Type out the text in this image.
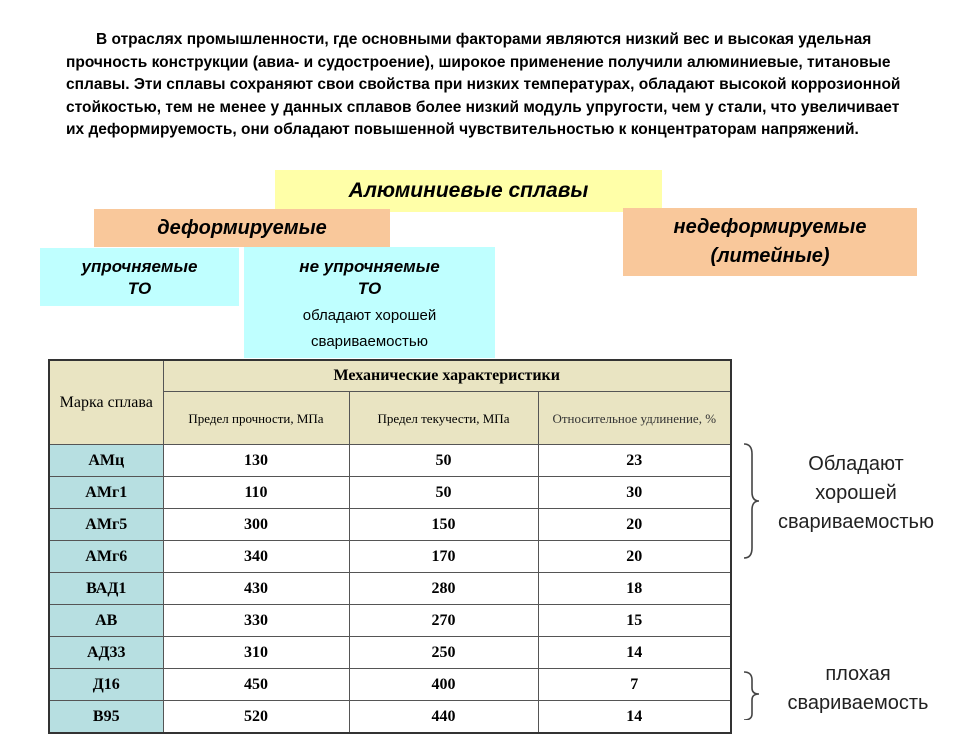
В отраслях промышленности, где основными факторами являются низкий вес и высокая удельная прочность конструкции (авиа- и судостроение), широкое применение получили алюминиевые, титановые сплавы. Эти сплавы сохраняют свои свойства при низких температурах, обладают высокой коррозионной стойкостью, тем не менее у данных сплавов более низкий модуль упругости, чем у стали, что увеличивает их деформируемость, они обладают повышенной чувствительностью к концентраторам напряжений.

Алюминиевые сплавы
деформируемые	недеформируемые
(литейные)
упрочняемые
ТО
не упрочняемые
ТО
обладают хорошей
свариваемостью
Марка сплава	Механические характеристики		
	Предел прочности, МПа	Предел текучести, МПа	Относительное удлинение, %
АМц	130	50	23
АМг1	110	50	30
АМг5	300	150	20
АМг6	340	170	20
ВАД1	430	280	18
АВ	330	270	15
АД33	310	250	14
Д16	450	400	7
В95	520	440	14
Обладают
хорошей
свариваемостью
плохая
свариваемость
